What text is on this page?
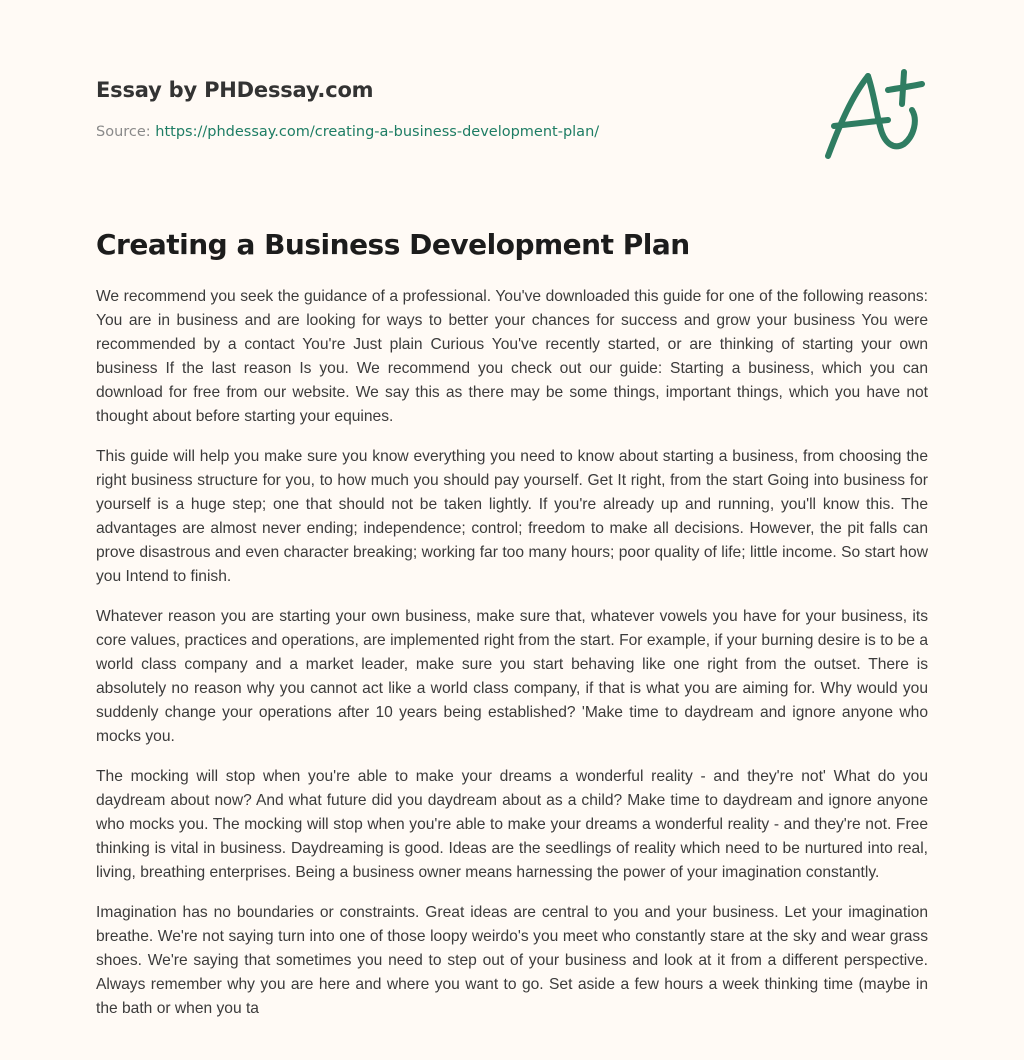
Essay by PHDessay.com
Source: https://phdessay.com/creating-a-business-development-plan/
Creating a Business Development Plan

We recommend you seek the guidance of a professional. You've downloaded this guide for one of the following reasons: You are in business and are looking for ways to better your chances for success and grow your business You were recommended by a contact You're Just plain Curious You've recently started, or are thinking of starting your own business If the last reason Is you. We recommend you check out our guide: Starting a business, which you can download for free from our website. We say this as there may be some things, important things, which you have not thought about before starting your equines.

This guide will help you make sure you know everything you need to know about starting a business, from choosing the right business structure for you, to how much you should pay yourself. Get It right, from the start Going into business for yourself is a huge step; one that should not be taken lightly. If you're already up and running, you'll know this. The advantages are almost never ending; independence; control; freedom to make all decisions. However, the pit falls can prove disastrous and even character breaking; working far too many hours; poor quality of life; little income. So start how you Intend to finish.

Whatever reason you are starting your own business, make sure that, whatever vowels you have for your business, its core values, practices and operations, are implemented right from the start. For example, if your burning desire is to be a world class company and a market leader, make sure you start behaving like one right from the outset. There is absolutely no reason why you cannot act like a world class company, if that is what you are aiming for. Why would you suddenly change your operations after 10 years being established? 'Make time to daydream and ignore anyone who mocks you.

The mocking will stop when you're able to make your dreams a wonderful reality - and they're not' What do you daydream about now? And what future did you daydream about as a child? Make time to daydream and ignore anyone who mocks you. The mocking will stop when you're able to make your dreams a wonderful reality - and they're not. Free thinking is vital in business. Daydreaming is good. Ideas are the seedlings of reality which need to be nurtured into real, living, breathing enterprises. Being a business owner means harnessing the power of your imagination constantly.

Imagination has no boundaries or constraints. Great ideas are central to you and your business. Let your imagination breathe. We're not saying turn into one of those loopy weirdo's you meet who constantly stare at the sky and wear grass shoes. We're saying that sometimes you need to step out of your business and look at it from a different perspective. Always remember why you are here and where you want to go. Set aside a few hours a week thinking time (maybe in the bath or when you ta
